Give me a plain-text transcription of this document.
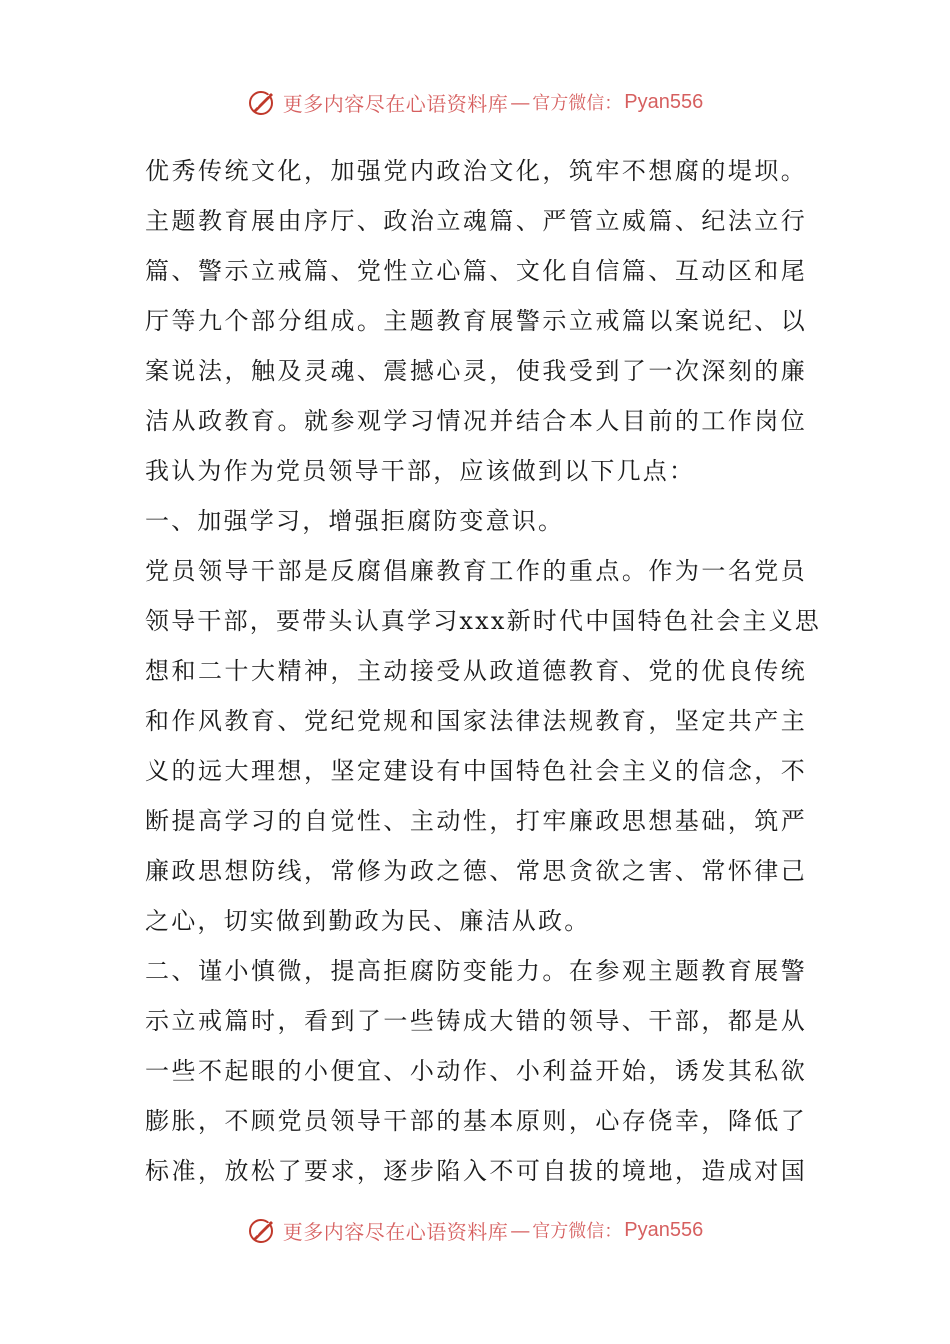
更多内容尽在心语资料库 — 官方微信： Pyan556
优秀传统文化，加强党内政治文化，筑牢不想腐的堤坝。
主题教育展由序厅、政治立魂篇、严管立威篇、纪法立行
篇、警示立戒篇、党性立心篇、文化自信篇、互动区和尾
厅等九个部分组成。主题教育展警示立戒篇以案说纪、以
案说法，触及灵魂、震撼心灵，使我受到了一次深刻的廉
洁从政教育。就参观学习情况并结合本人目前的工作岗位
我认为作为党员领导干部，应该做到以下几点：
一、加强学习，增强拒腐防变意识。
党员领导干部是反腐倡廉教育工作的重点。作为一名党员
领导干部，要带头认真学习xxx新时代中国特色社会主义思
想和二十大精神，主动接受从政道德教育、党的优良传统
和作风教育、党纪党规和国家法律法规教育，坚定共产主
义的远大理想，坚定建设有中国特色社会主义的信念，不
断提高学习的自觉性、主动性，打牢廉政思想基础，筑严
廉政思想防线，常修为政之德、常思贪欲之害、常怀律己
之心，切实做到勤政为民、廉洁从政。
二、谨小慎微，提高拒腐防变能力。在参观主题教育展警
示立戒篇时，看到了一些铸成大错的领导、干部，都是从
一些不起眼的小便宜、小动作、小利益开始，诱发其私欲
膨胀，不顾党员领导干部的基本原则，心存侥幸，降低了
标准，放松了要求，逐步陷入不可自拔的境地，造成对国
更多内容尽在心语资料库 — 官方微信： Pyan556
